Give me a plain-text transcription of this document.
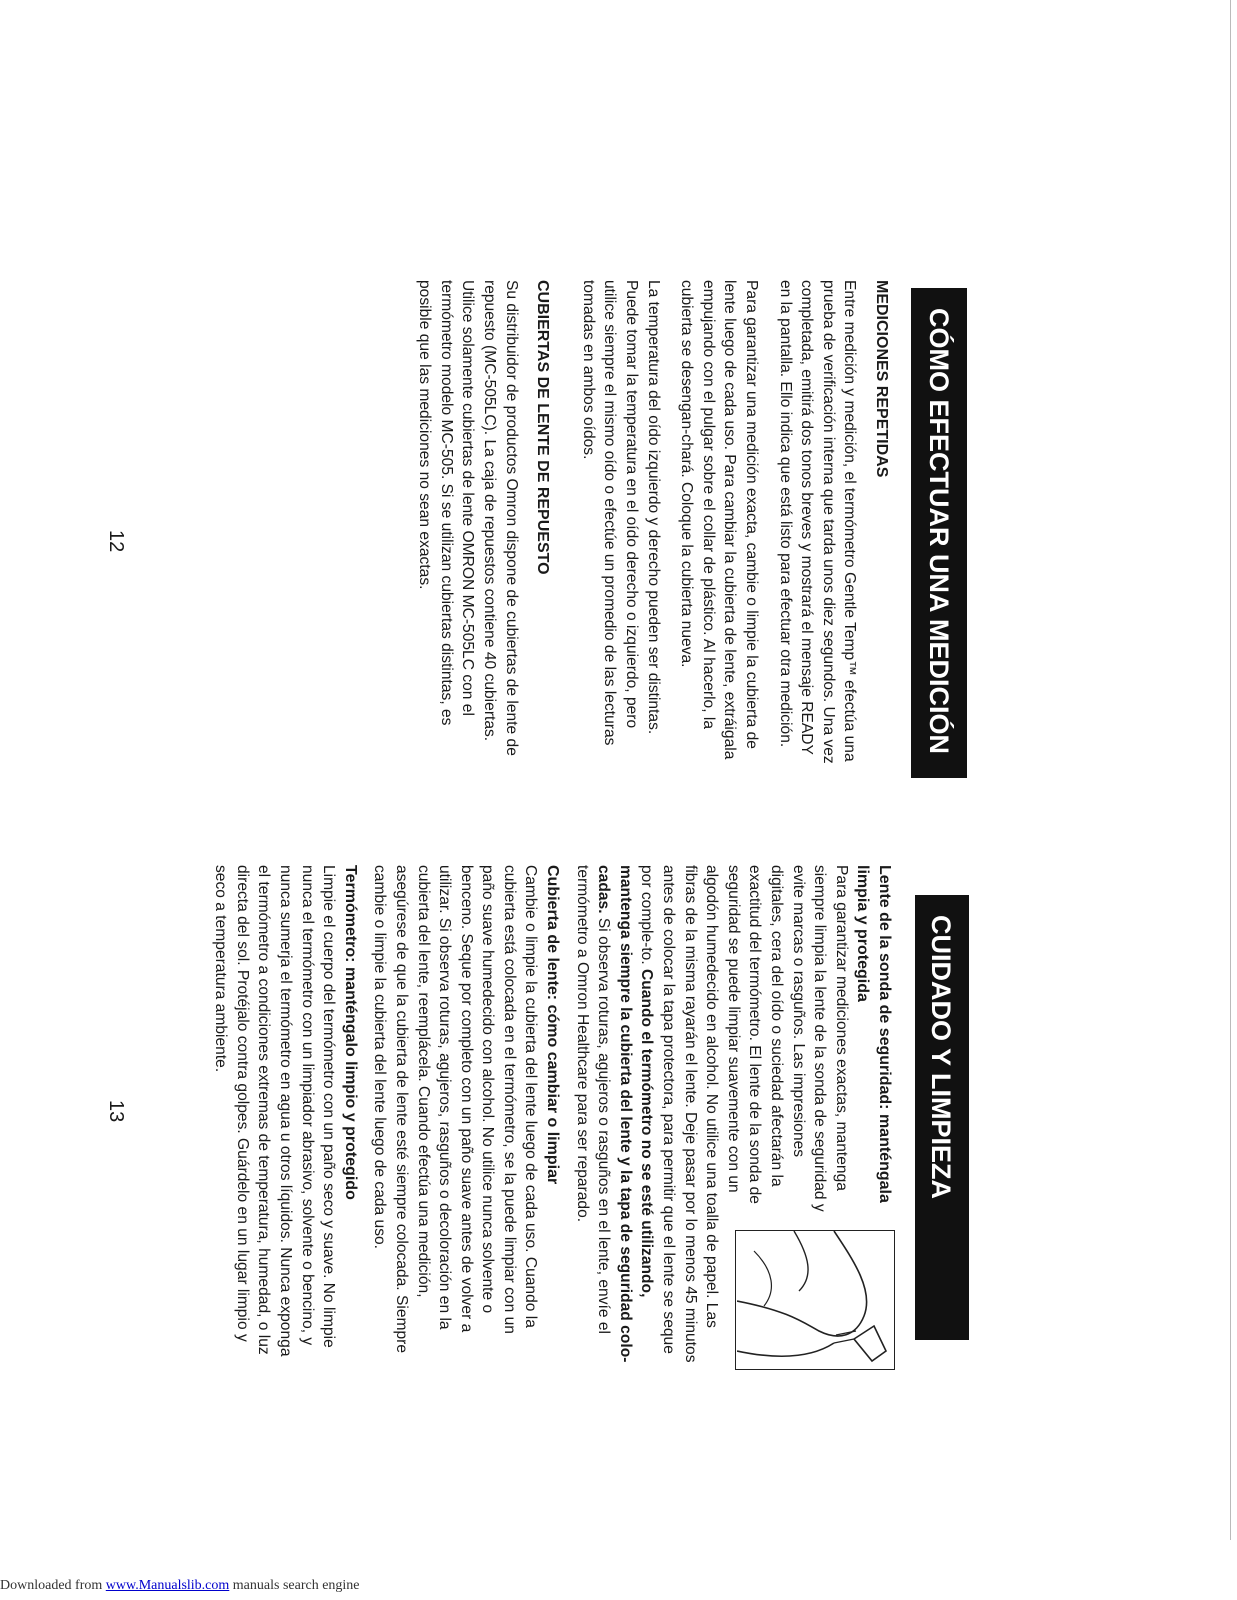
CÓMO EFECTUAR UNA MEDICIÓN
MEDICIONES REPETIDAS

Entre medición y medición, el termómetro Gentle Temp™ efectúa una prueba de verificación interna que tarda unos diez segundos. Una vez completada, emitirá dos tonos breves y mostrará el mensaje READY en la pantalla. Ello indica que está listo para efectuar otra medición.

Para garantizar una medición exacta, cambie o limpie la cubierta de lente luego de cada uso. Para cambiar la cubierta de lente, extráigala empujando con el pulgar sobre el collar de plástico. Al hacerlo, la cubierta se desengan-chará. Coloque la cubierta nueva.

La temperatura del oído izquierdo y derecho pueden ser distintas. Puede tomar la temperatura en el oído derecho o izquierdo, pero utilice siempre el mismo oído o efectúe un promedio de las lecturas tomadas en ambos oídos.

CUBIERTAS DE LENTE DE REPUESTO

Su distribuidor de productos Omron dispone de cubiertas de lente de repuesto (MC-505LC). La caja de repuestos contiene 40 cubiertas. Utilice solamente cubiertas de lente OMRON MC-505LC con el termómetro modelo MC-505. Si se utilizan cubiertas distintas, es posible que las mediciones no sean exactas.

12
CUIDADO Y LIMPIEZA
Lente de la sonda de seguridad: manténgala limpia y protegida
Para garantizar mediciones exactas, mantenga siempre limpia la lente de la sonda de seguridad y evite marcas o rasguños. Las impresiones digitales, cera del oído o suciedad afectarán la exactitud del termómetro. El lente de la sonda de seguridad se puede limpiar suavemente con un algodón humedecido en alcohol. No utilice una toalla de papel. Las fibras de la misma rayarán el lente. Deje pasar por lo menos 45 minutos antes de colocar la tapa protectora, para permitir que el lente se seque por comple-to. Cuando el termómetro no se esté utilizando, mantenga siempre la cubierta del lente y la tapa de seguridad colo-cadas. Si observa roturas, agujeros o rasguños en el lente, envíe el termómetro a Omron Healthcare para ser reparado.
Cubierta de lente: cómo cambiar o limpiar
Cambie o limpie la cubierta del lente luego de cada uso. Cuando la cubierta está colocada en el termómetro, se la puede limpiar con un paño suave humedecido con alcohol. No utilice nunca solvente o benceno. Seque por completo con un paño suave antes de volver a utilizar. Si observa roturas, agujeros, rasguños o decoloración en la cubierta del lente, reemplácela. Cuando efectúa una medición, asegúrese de que la cubierta de lente esté siempre colocada. Siempre cambie o limpie la cubierta del lente luego de cada uso.
Termómetro: manténgalo limpio y protegido
Limpie el cuerpo del termómetro con un paño seco y suave. No limpie nunca el termómetro con un limpiador abrasivo, solvente o bencino, y nunca sumerja el termómetro en agua u otros líquidos. Nunca exponga el termómetro a condiciones extremas de temperatura, humedad, o luz directa del sol. Protéjalo contra golpes. Guárdelo en un lugar limpio y seco a temperatura ambiente.
13
Downloaded from www.Manualslib.com manuals search engine
